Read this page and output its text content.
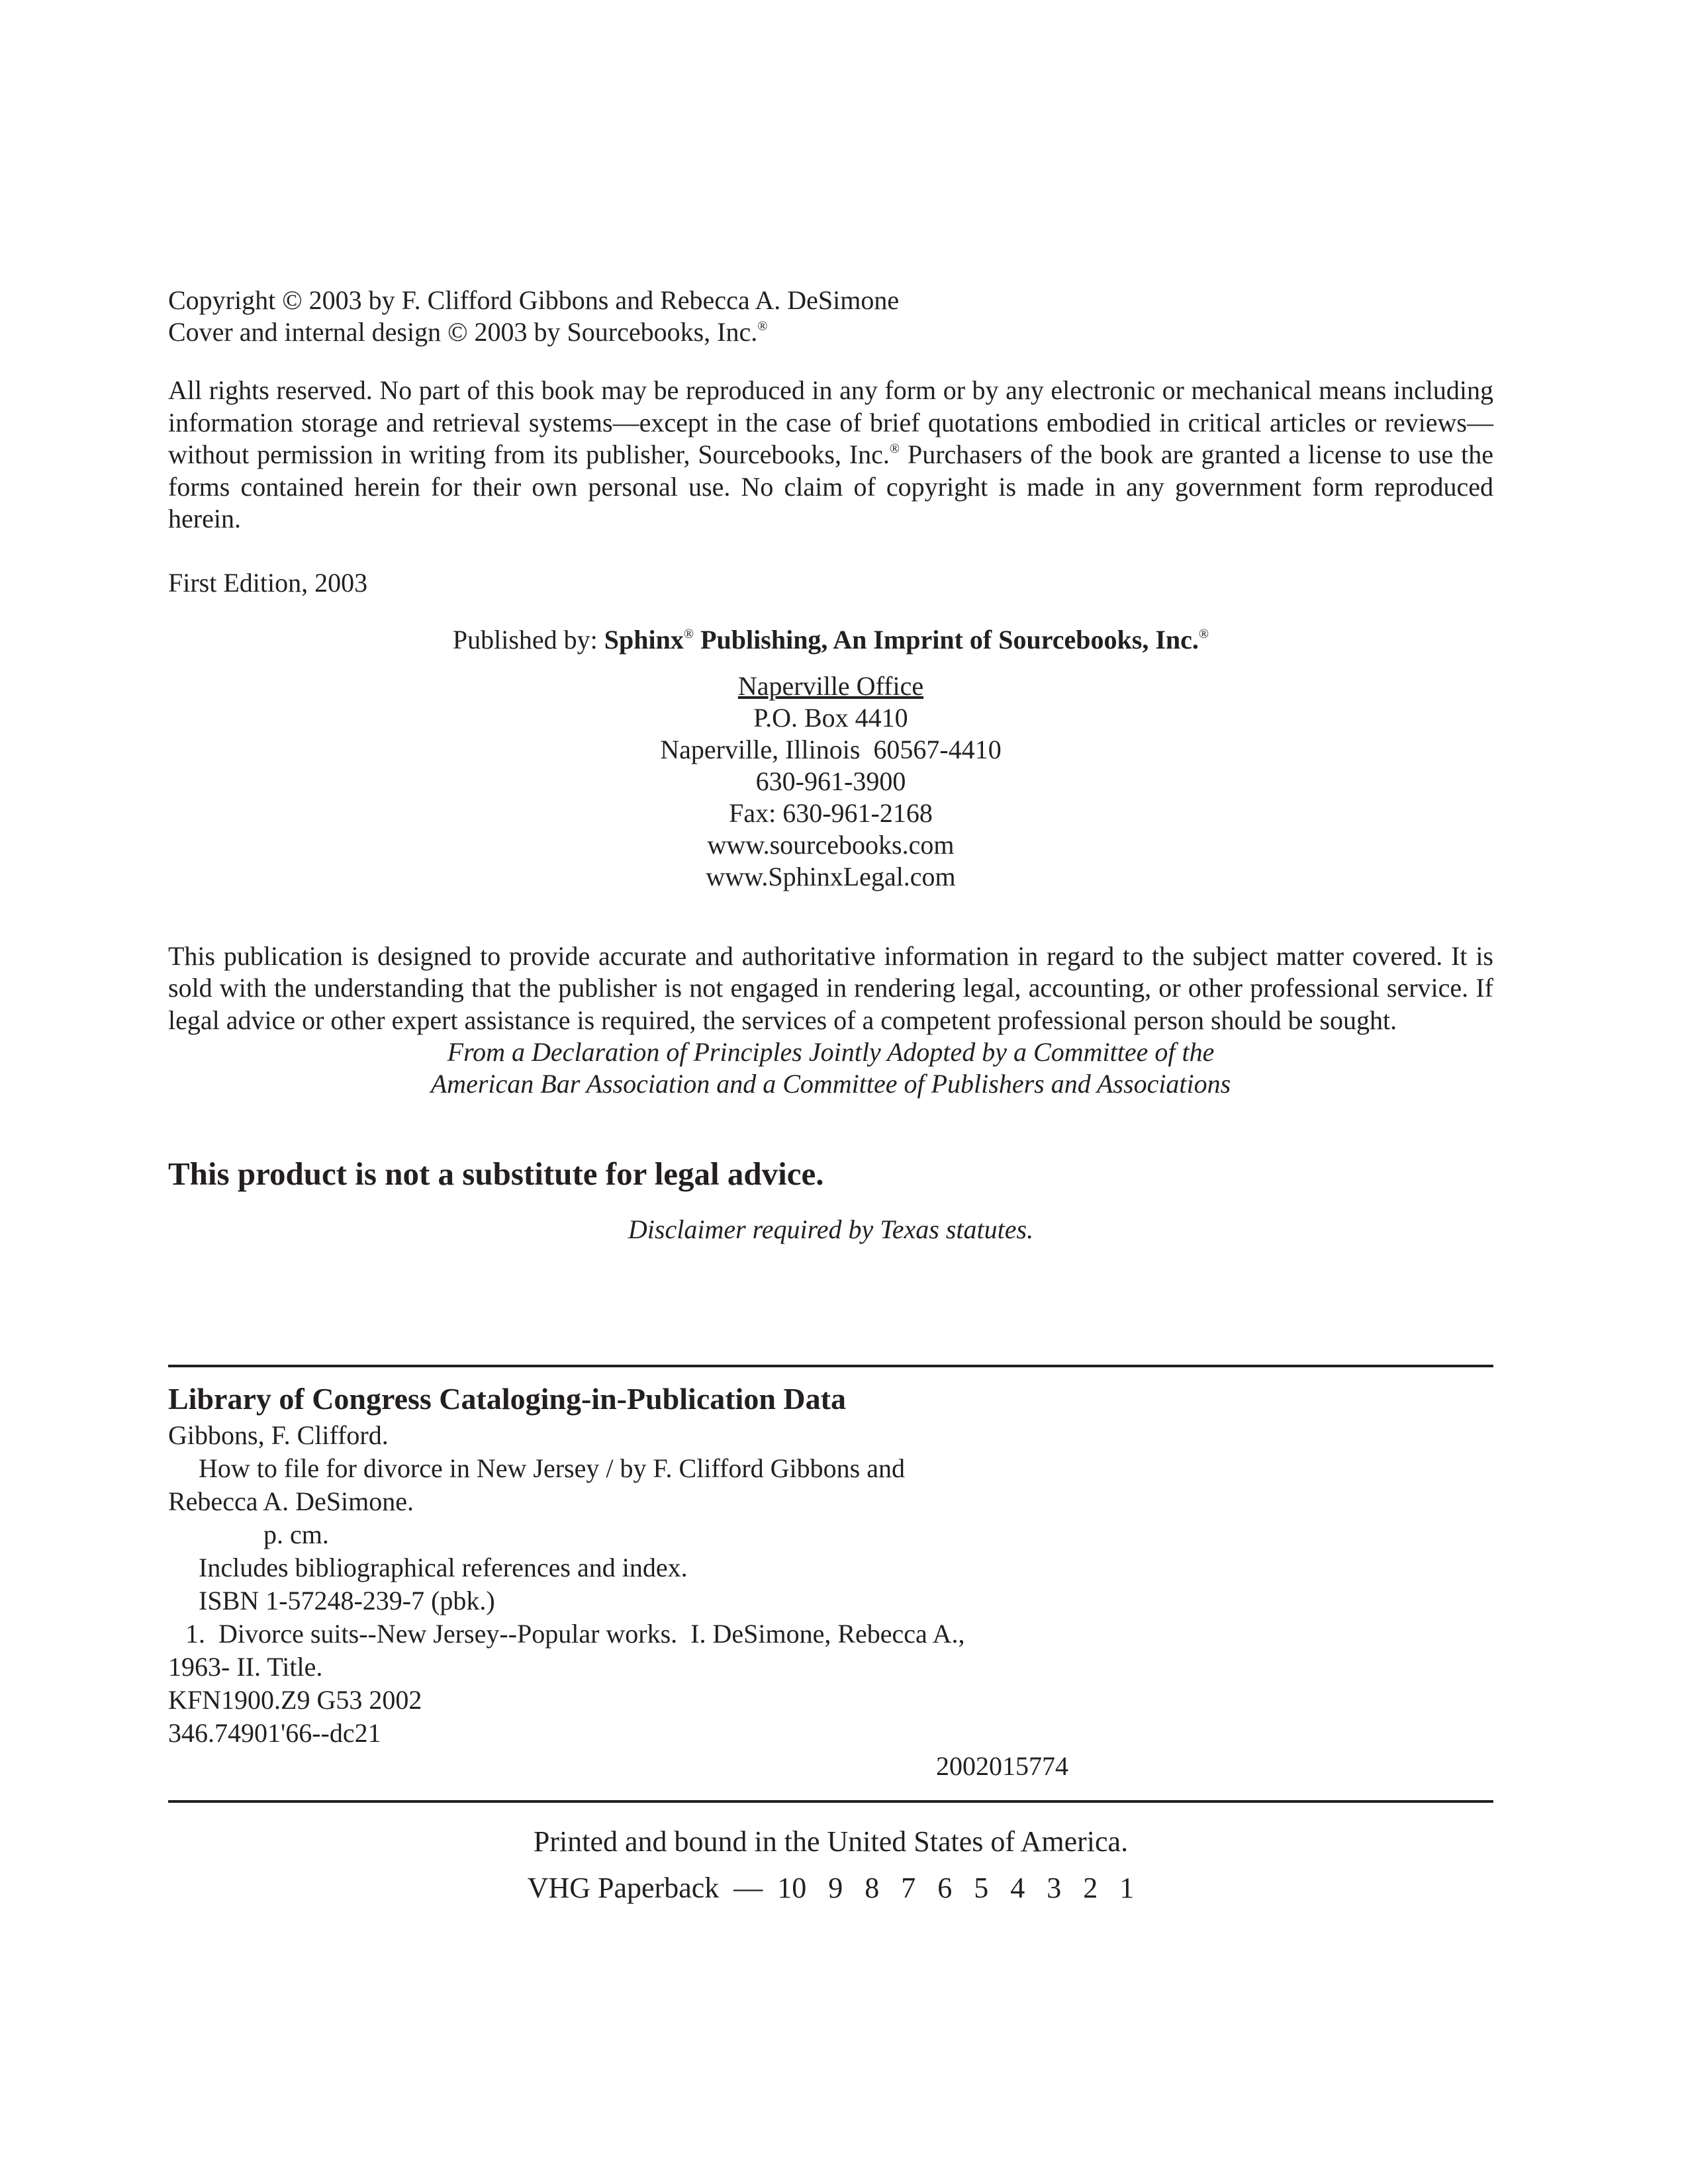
Copyright © 2003 by F. Clifford Gibbons and Rebecca A. DeSimone
Cover and internal design © 2003 by Sourcebooks, Inc.®
All rights reserved. No part of this book may be reproduced in any form or by any electronic or mechanical means including information storage and retrieval systems—except in the case of brief quotations embodied in critical articles or reviews—without permission in writing from its publisher, Sourcebooks, Inc.® Purchasers of the book are granted a license to use the forms contained herein for their own personal use. No claim of copyright is made in any government form reproduced herein.
First Edition, 2003
Published by: Sphinx® Publishing, An Imprint of Sourcebooks, Inc.®
Naperville Office
P.O. Box 4410
Naperville, Illinois  60567-4410
630-961-3900
Fax: 630-961-2168
www.sourcebooks.com
www.SphinxLegal.com
This publication is designed to provide accurate and authoritative information in regard to the subject matter covered. It is sold with the understanding that the publisher is not engaged in rendering legal, accounting, or other professional service. If legal advice or other expert assistance is required, the services of a competent professional person should be sought.
From a Declaration of Principles Jointly Adopted by a Committee of the
American Bar Association and a Committee of Publishers and Associations
This product is not a substitute for legal advice.
Disclaimer required by Texas statutes.
Library of Congress Cataloging-in-Publication Data
Gibbons, F. Clifford.
How to file for divorce in New Jersey / by F. Clifford Gibbons and
Rebecca A. DeSimone.
p. cm.
Includes bibliographical references and index.
ISBN 1-57248-239-7 (pbk.)
1.  Divorce suits--New Jersey--Popular works.  I. DeSimone, Rebecca A.,
1963- II. Title.
KFN1900.Z9 G53 2002
346.74901'66--dc21
2002015774
Printed and bound in the United States of America.
VHG Paperback  —  10   9   8   7   6   5   4   3   2   1
